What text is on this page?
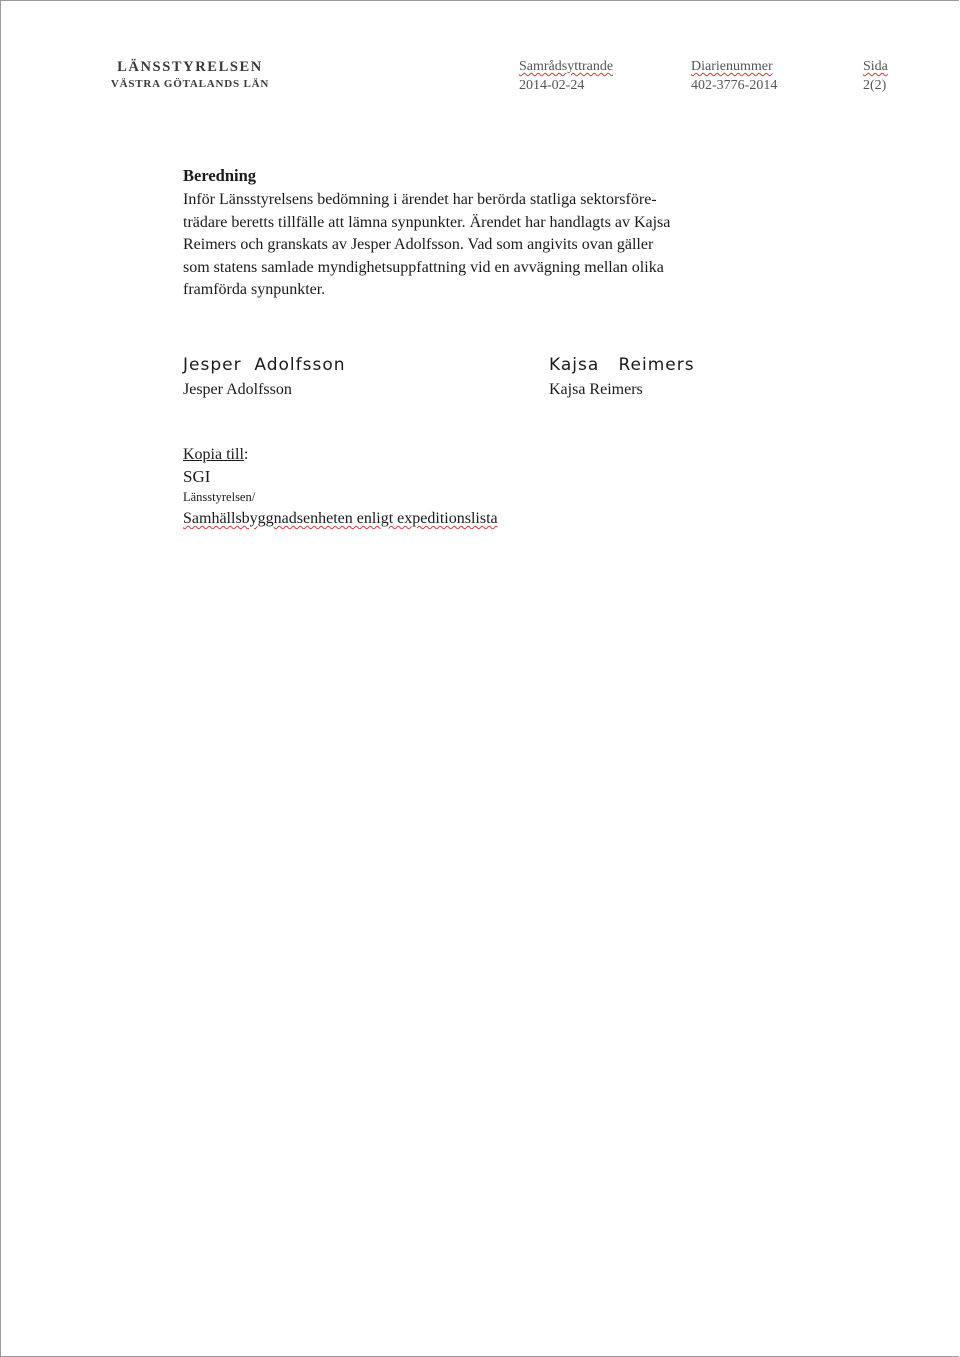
LÄNSSTYRELSEN
VÄSTRA GÖTALANDS LÄN
Samrådsyttrande
2014-02-24
Diarienummer
402-3776-2014
Sida
2(2)
Beredning
Inför Länsstyrelsens bedömning i ärendet har berörda statliga sektorsföre-
trädare beretts tillfälle att lämna synpunkter. Ärendet har handlagts av Kajsa
Reimers och granskats av Jesper Adolfsson. Vad som angivits ovan gäller
som statens samlade myndighetsuppfattning vid en avvägning mellan olika
framförda synpunkter.
Jesper  Adolfsson
Jesper Adolfsson
Kajsa   Reimers
Kajsa Reimers
Kopia till:
SGI
Länsstyrelsen/
Samhällsbyggnadsenheten enligt expeditionslista
